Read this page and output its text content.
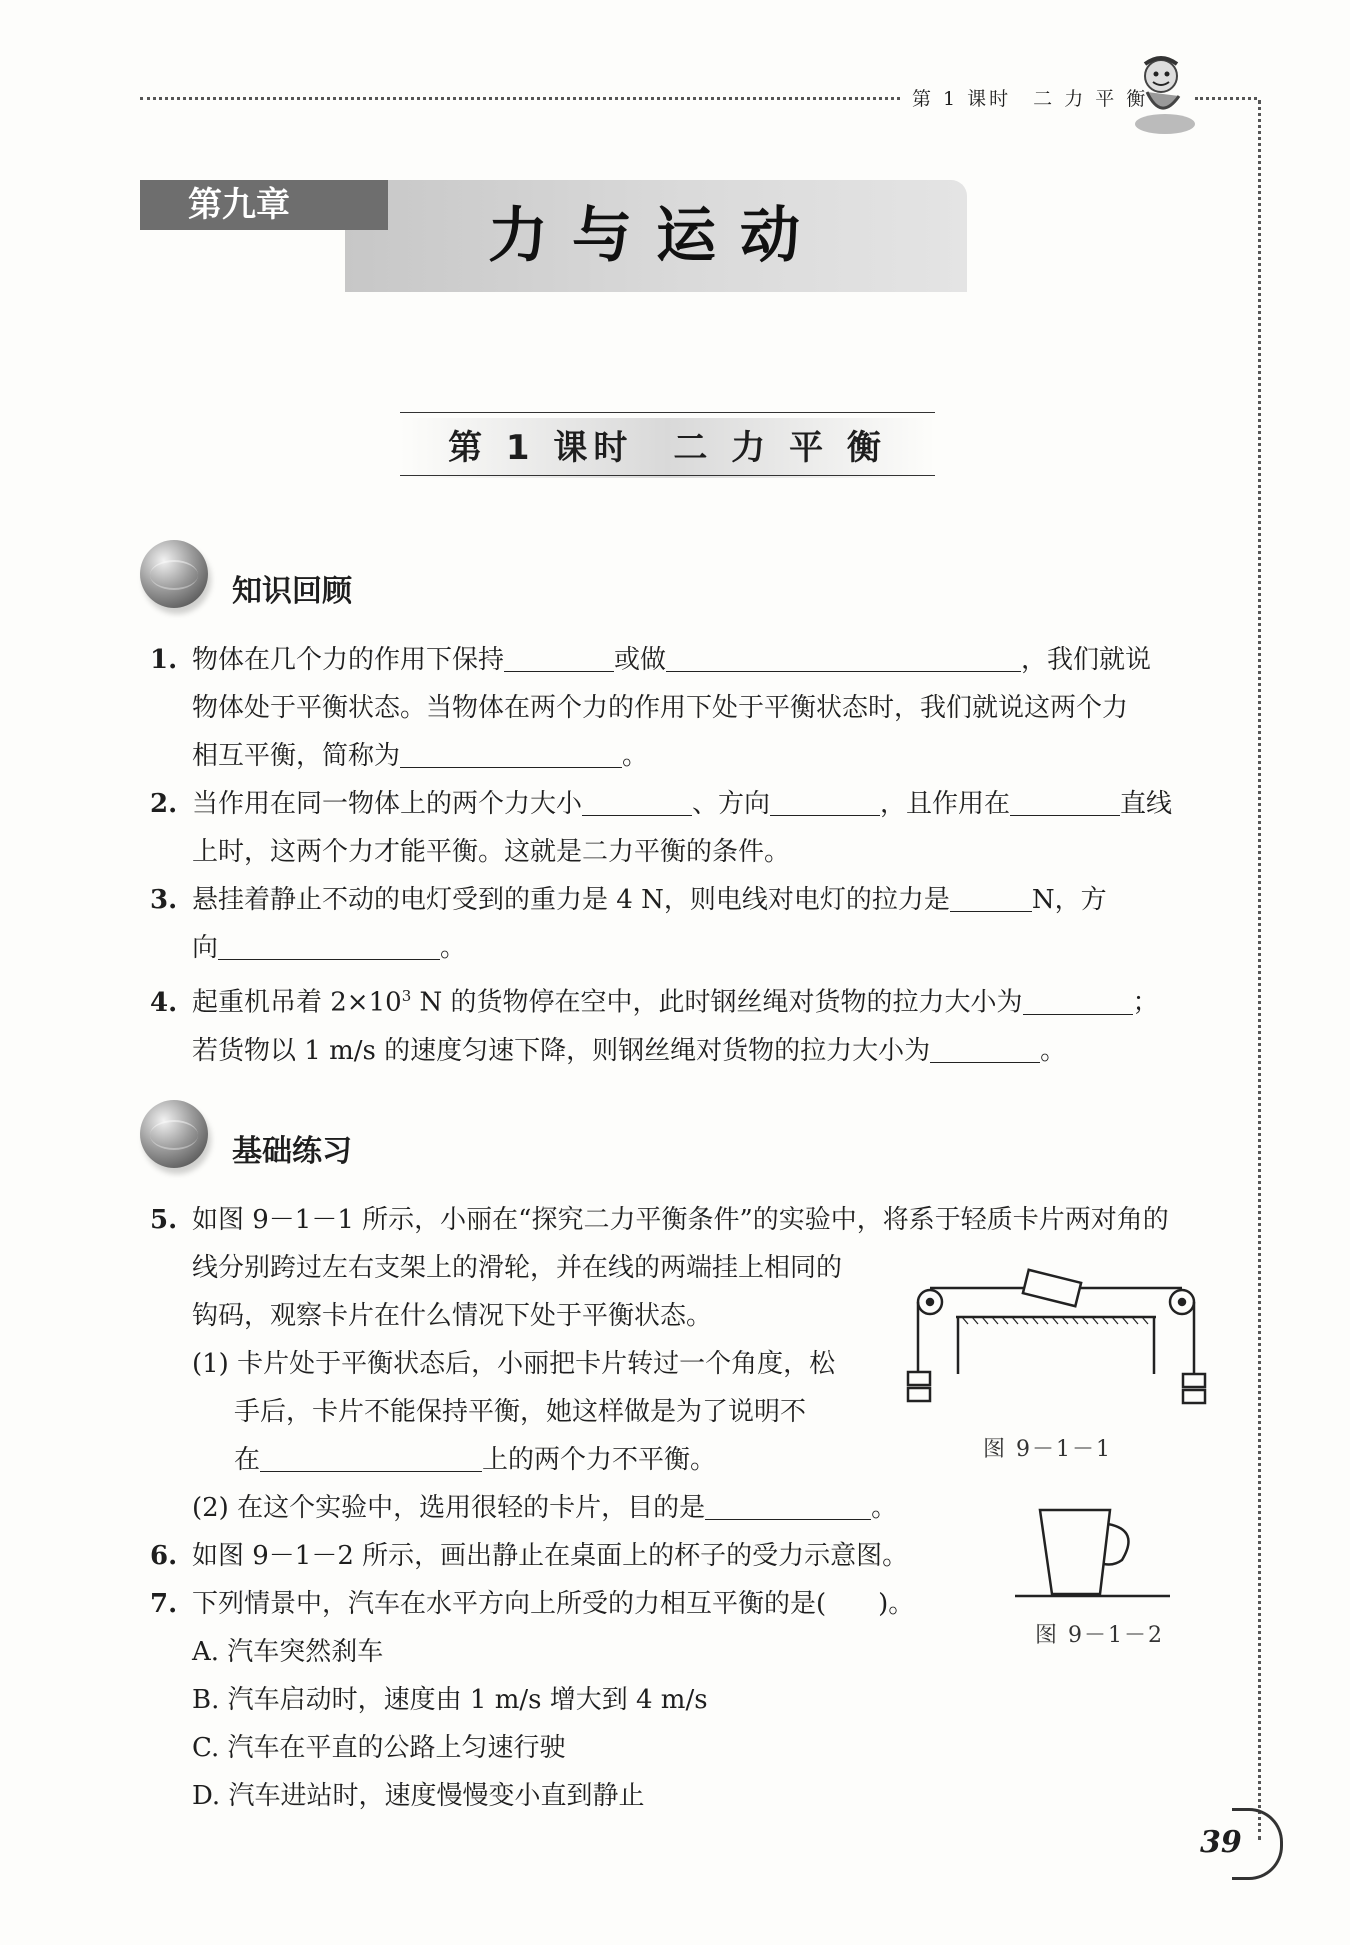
第 1 课时　二 力 平 衡
第九章	力与运动
第 1 课时　二 力 平 衡
知识回顾
1. 物体在几个力的作用下保持	或做	，我们就说
物体处于平衡状态。当物体在两个力的作用下处于平衡状态时，我们就说这两个力
相互平衡，简称为	。
2. 当作用在同一物体上的两个力大小	、方向	，且作用在	直线
上时，这两个力才能平衡。这就是二力平衡的条件。
3. 悬挂着静止不动的电灯受到的重力是 4 N，则电线对电灯的拉力是	N，方
向	。
4. 起重机吊着 $2\times 10^3$ N 的货物停在空中，此时钢丝绳对货物的拉力大小为	；
若货物以 1 m/s 的速度匀速下降，则钢丝绳对货物的拉力大小为	。
基础练习
5. 如图 9－1－1 所示，小丽在“探究二力平衡条件”的实验中，将系于轻质卡片两对角的
线分别跨过左右支架上的滑轮，并在线的两端挂上相同的
钩码，观察卡片在什么情况下处于平衡状态。
(1) 卡片处于平衡状态后，小丽把卡片转过一个角度，松
手后，卡片不能保持平衡，她这样做是为了说明不
在	上的两个力不平衡。
(2) 在这个实验中，选用很轻的卡片，目的是	。
图 9－1－1
6. 如图 9－1－2 所示，画出静止在桌面上的杯子的受力示意图。
图 9－1－2
7. 下列情景中，汽车在水平方向上所受的力相互平衡的是(　　)。
A. 汽车突然刹车
B. 汽车启动时，速度由 1 m/s 增大到 4 m/s
C. 汽车在平直的公路上匀速行驶
D. 汽车进站时，速度慢慢变小直到静止
39
